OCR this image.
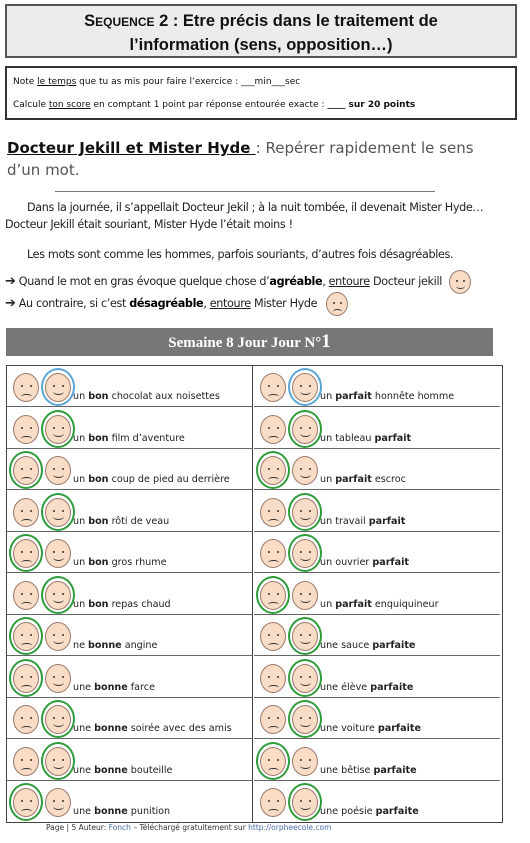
Sequence 2 : Etre précis dans le traitement de
l’information (sens, opposition…)
Note le temps que tu as mis pour faire l’exercice : ___min___sec
Calcule ton score en comptant 1 point par réponse entourée exacte : ____ sur 20 points
Docteur Jekill et Mister Hyde : Repérer rapidement le sens d’un mot.
Dans la journée, il s’appellait Docteur Jekil ; à la nuit tombée, il devenait Mister Hyde… Docteur Jekill était souriant, Mister Hyde l’était moins !
Les mots sont comme les hommes, parfois souriants, d’autres fois désagréables.
➔ Quand le mot en gras évoque quelque chose d’agréable, entoure Docteur jekill
➔ Au contraire, si c’est désagréable, entoure Mister Hyde
Semaine 8 Jour Jour N°1
un bon chocolat aux noisettes
un bon film d’aventure
un bon coup de pied au derrière
un bon rôti de veau
un bon gros rhume
un bon repas chaud
ne bonne angine
une bonne farce
une bonne soirée avec des amis
une bonne bouteille
une bonne punition
un parfait honnête homme
un tableau parfait
un parfait escroc
un travail parfait
un ouvrier parfait
un parfait enquiquineur
une sauce parfaite
une élève parfaite
une voiture parfaite
une bêtise parfaite
une poésie parfaite
Page | 5 Auteur: Fonch – Téléchargé gratuitement sur http://orpheecole.com
